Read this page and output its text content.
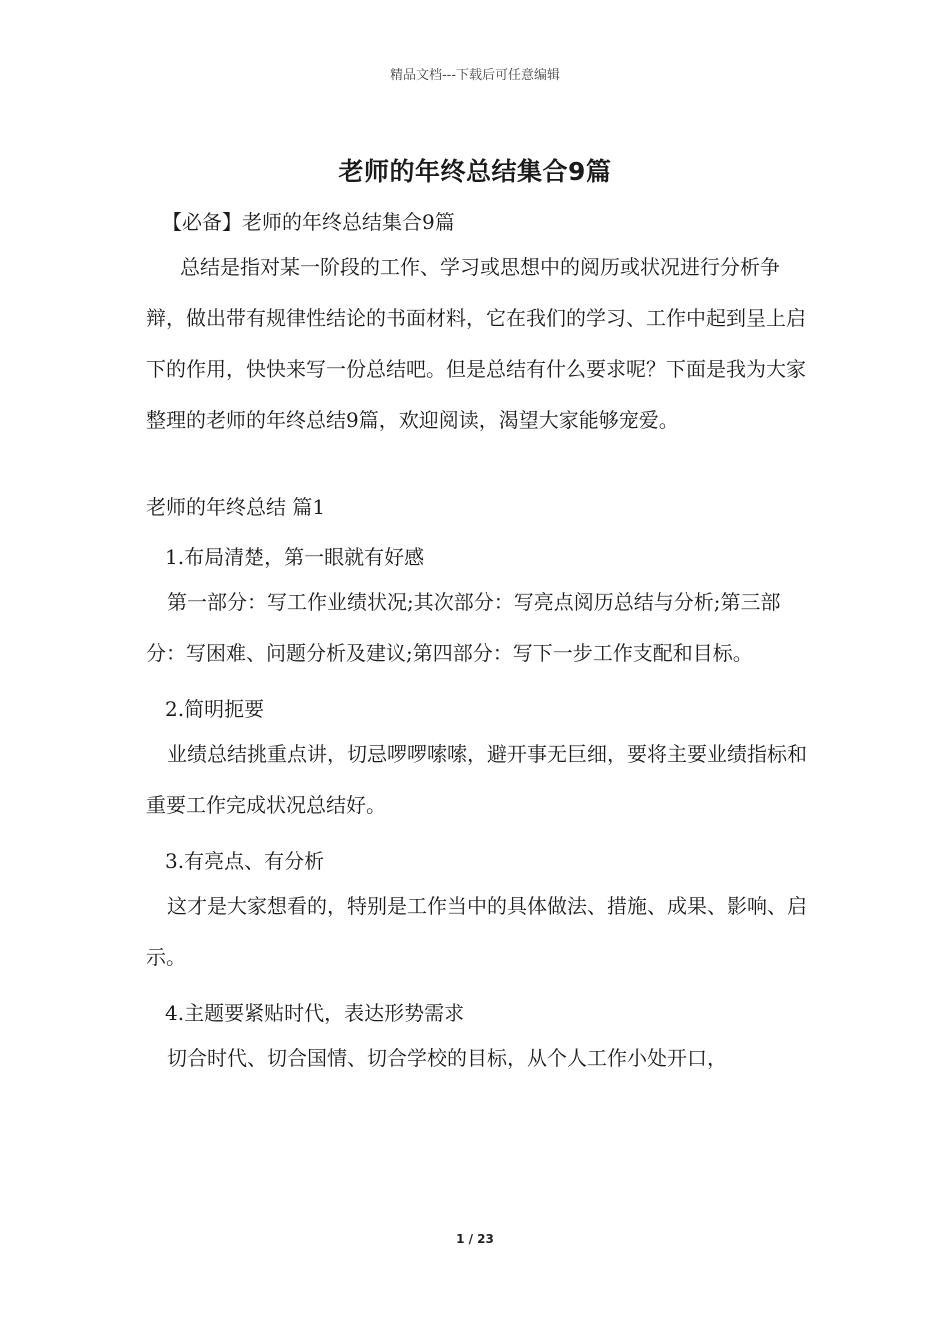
精品文档---下载后可任意编辑
老师的年终总结集合9篇

【必备】老师的年终总结集合9篇

总结是指对某一阶段的工作、学习或思想中的阅历或状况进行分析争辩，做出带有规律性结论的书面材料，它在我们的学习、工作中起到呈上启下的作用，快快来写一份总结吧。但是总结有什么要求呢？下面是我为大家整理的老师的年终总结9篇，欢迎阅读，渴望大家能够宠爱。

老师的年终总结 篇1

1.布局清楚，第一眼就有好感

第一部分：写工作业绩状况;其次部分：写亮点阅历总结与分析;第三部分：写困难、问题分析及建议;第四部分：写下一步工作支配和目标。

2.简明扼要

业绩总结挑重点讲，切忌啰啰嗦嗦，避开事无巨细，要将主要业绩指标和重要工作完成状况总结好。

3.有亮点、有分析

这才是大家想看的，特别是工作当中的具体做法、措施、成果、影响、启示。

4.主题要紧贴时代，表达形势需求

切合时代、切合国情、切合学校的目标，从个人工作小处开口，

1 / 23
